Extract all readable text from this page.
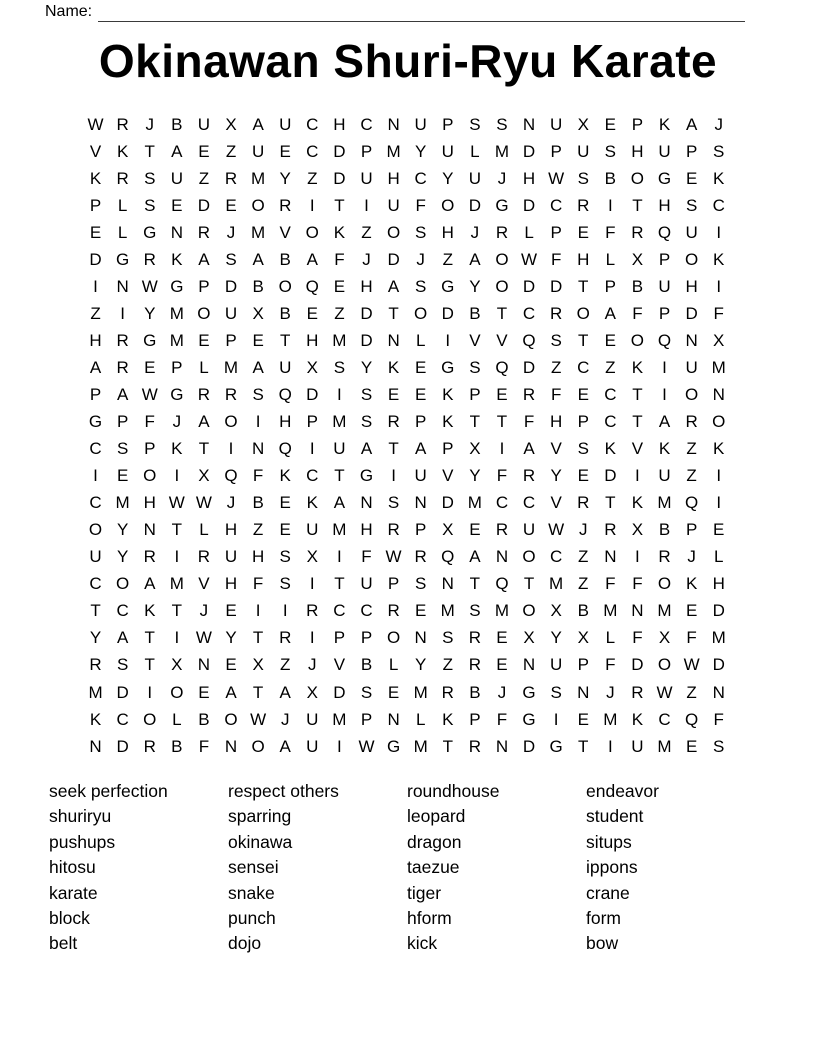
Name:
Okinawan Shuri-Ryu Karate
W R J	B U X A U C H C N U P S S N U X E P K A	J
V K T A E Z U E C D P M Y U L M D P U S H U P S
K R S U Z R M Y Z D U H C Y U J H W S B O G E K
P L S E D E O R	I	T	I	U F O D G D C R	I	T H S C
E L G N R J M V O K Z O S H J R L P E F R Q U	I
D G R K A S A B A F	J D J	Z A O W F H L X P O K
I	N W G P D B O Q E H A S G Y O D D T P B U H	I
Z	I	Y M O U X B E Z D T O D B T C R O A F P D F
H R G M E P E T H M D N L	I	V V Q S T E O Q N X
A R E P L M A U X S Y K E G S Q D Z C Z K	I	U M
P A W G R R S Q D	I	S E E K P E R F E C T	I	O N
G P F	J	A O	I	H P M S R P K T T F H P C T A R O
C S P K T	I	N Q	I	U A T A P X	I	A V S K V K Z K
I	E O	I	X Q F K C T G	I	U V Y F R Y E D	I	U Z	I
C M H W W J	B E K A N S N D M C C V R T K M Q	I
O Y N T	L H Z E U M H R P X E R U W J R X B P E
U Y R	I	R U H S X	I	F W R Q A N O C Z N	I	R J	L
C O A M V H F S	I	T U P S N T Q T M Z F F O K H
T C K T	J	E	I	I	R C C R E M S M O X B M N M E D
Y A T	I W Y T R	I	P P O N S R E X Y X L	F X F M
R S T X N E X Z	J	V B L Y Z R E N U P F D O W D
M D	I	O E A T A X D S E M R B	J G S N J R W Z N
K C O L B O W J U M P N L K P F G	I	E M K C Q F
N D R B F N O A U	I W G M T R N D G T	I	U M E S
seek perfection
shuriryu
pushups
hitosu
karate
block
belt
respect others
sparring
okinawa
sensei
snake
punch
dojo
roundhouse
leopard
dragon
taezue
tiger
hform
kick
endeavor
student
situps
ippons
crane
form
bow
